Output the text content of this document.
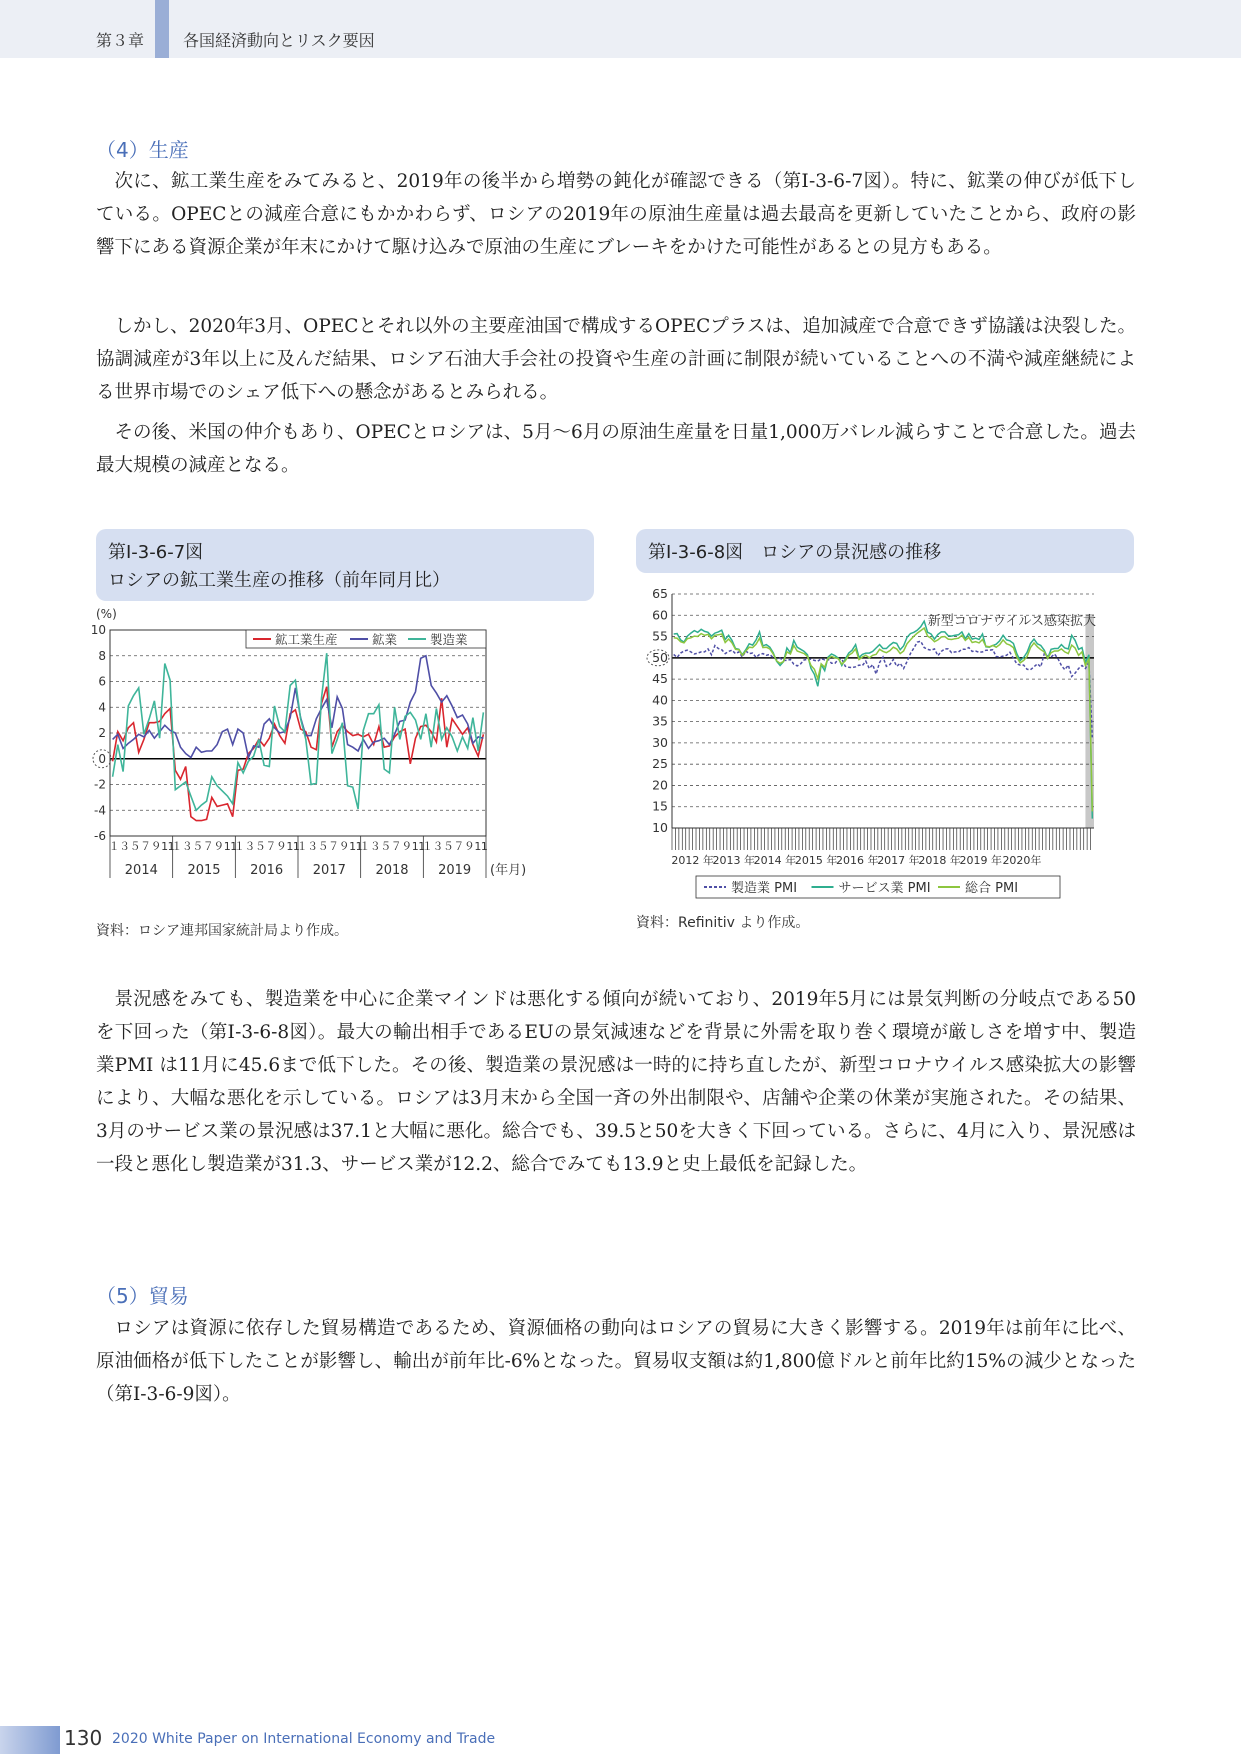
第３章 各国経済動向とリスク要因
（4）生産

次に、鉱工業生産をみてみると、2019年の後半から増勢の鈍化が確認できる（第Ⅰ-3-6-7図）。特に、鉱業の伸びが低下している。OPECとの減産合意にもかかわらず、ロシアの2019年の原油生産量は過去最高を更新していたことから、政府の影響下にある資源企業が年末にかけて駆け込みで原油の生産にブレーキをかけた可能性があるとの見方もある。

しかし、2020年3月、OPECとそれ以外の主要産油国で構成するOPECプラスは、追加減産で合意できず協議は決裂した。協調減産が3年以上に及んだ結果、ロシア石油大手会社の投資や生産の計画に制限が続いていることへの不満や減産継続による世界市場でのシェア低下への懸念があるとみられる。

その後、米国の仲介もあり、OPECとロシアは、5月～6月の原油生産量を日量1,000万バレル減らすことで合意した。過去最大規模の減産となる。

第Ⅰ-3-6-7図
ロシアの鉱工業生産の推移（前年同月比）
(%)
-6
-4
-2
0
2
4
6
8
10
鉱工業生産	鉱業	製造業
１３５７９11
2014
１３５７９11
2015
１３５７９11
2016
１３５７９11
2017
１３５７９11
2018
１３５７９11
2019 (年月)
資料：ロシア連邦国家統計局より作成。
第Ⅰ-3-6-8図　ロシアの景況感の推移
新型コロナウイルス感染拡大
10
15
20
25
30
35
40
45
50
55
60
65
2012 年
2013 年
2014 年
2015 年
2016 年
2017 年
2018 年
2019 年 2020年
製造業 PMI	サービス業 PMI	総合 PMI
資料：Refinitiv より作成。

景況感をみても、製造業を中心に企業マインドは悪化する傾向が続いており、2019年5月には景気判断の分岐点である50を下回った（第Ⅰ-3-6-8図）。最大の輸出相手であるEUの景気減速などを背景に外需を取り巻く環境が厳しさを増す中、製造業PMI は11月に45.6まで低下した。その後、製造業の景況感は一時的に持ち直したが、新型コロナウイルス感染拡大の影響により、大幅な悪化を示している。ロシアは3月末から全国一斉の外出制限や、店舗や企業の休業が実施された。その結果、3月のサービス業の景況感は37.1と大幅に悪化。総合でも、39.5と50を大きく下回っている。さらに、4月に入り、景況感は一段と悪化し製造業が31.3、サービス業が12.2、総合でみても13.9と史上最低を記録した。

（5）貿易

ロシアは資源に依存した貿易構造であるため、資源価格の動向はロシアの貿易に大きく影響する。2019年は前年に比べ、原油価格が低下したことが影響し、輸出が前年比-6%となった。貿易収支額は約1,800億ドルと前年比約15%の減少となった（第Ⅰ-3-6-9図）。

130 2020 White Paper on International Economy and Trade
